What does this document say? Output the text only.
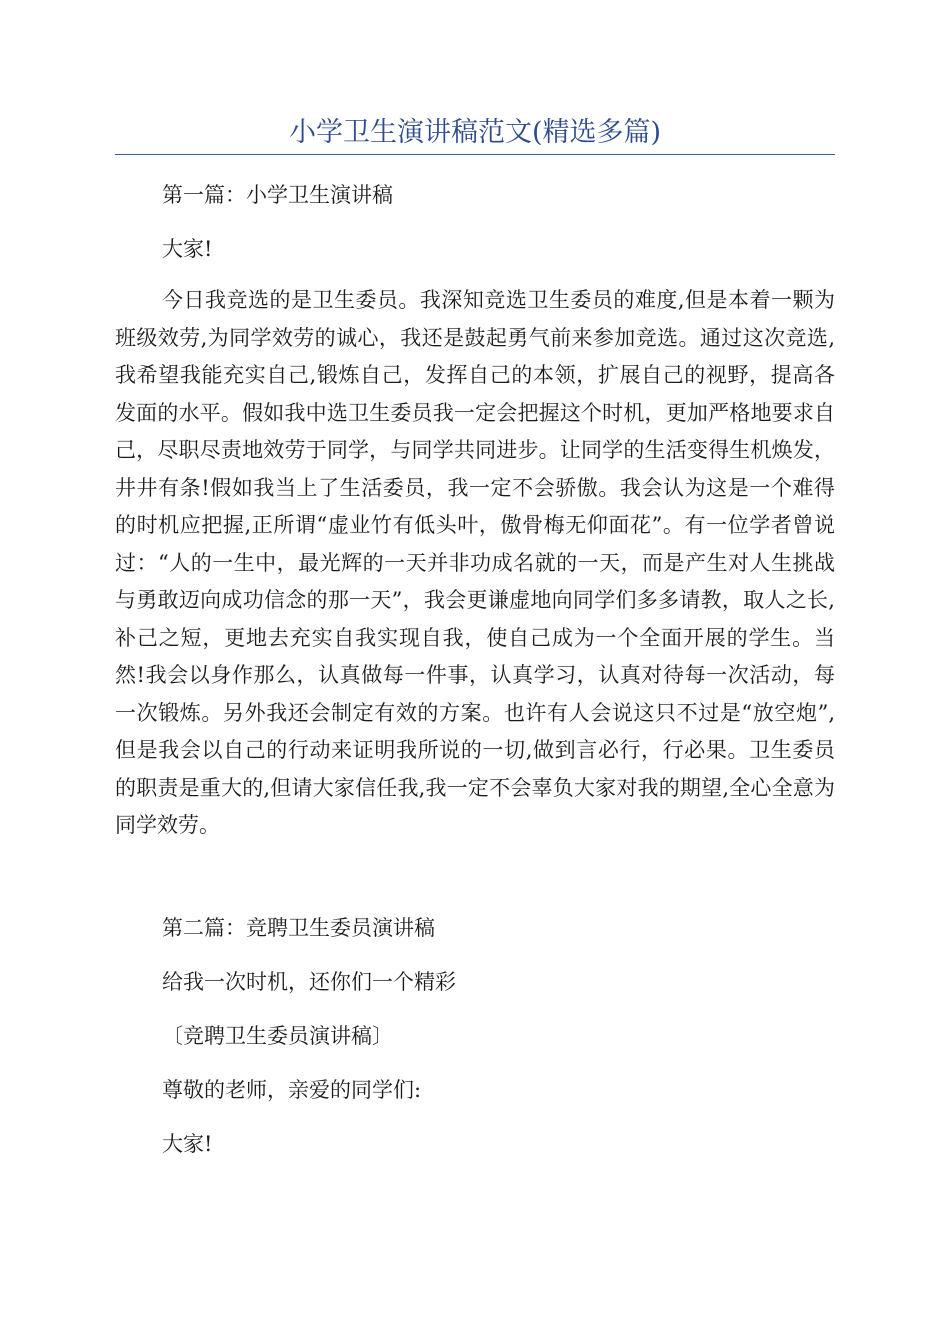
小学卫生演讲稿范文(精选多篇)
第一篇：小学卫生演讲稿
大家!

今日我竞选的是卫生委员。我深知竞选卫生委员的难度,但是本着一颗为班级效劳,为同学效劳的诚心，我还是鼓起勇气前来参加竞选。通过这次竞选,我希望我能充实自己,锻炼自己，发挥自己的本领，扩展自己的视野，提高各发面的水平。假如我中选卫生委员我一定会把握这个时机，更加严格地要求自己，尽职尽责地效劳于同学，与同学共同进步。让同学的生活变得生机焕发，井井有条!假如我当上了生活委员，我一定不会骄傲。我会认为这是一个难得的时机应把握,正所谓“虚业竹有低头叶，傲骨梅无仰面花”。有一位学者曾说过：“人的一生中，最光辉的一天并非功成名就的一天，而是产生对人生挑战与勇敢迈向成功信念的那一天”，我会更谦虚地向同学们多多请教，取人之长,补己之短，更地去充实自我实现自我，使自己成为一个全面开展的学生。当然!我会以身作那么，认真做每一件事，认真学习，认真对待每一次活动，每一次锻炼。另外我还会制定有效的方案。也许有人会说这只不过是“放空炮”,但是我会以自己的行动来证明我所说的一切,做到言必行，行必果。卫生委员的职责是重大的,但请大家信任我,我一定不会辜负大家对我的期望,全心全意为同学效劳。

第二篇：竞聘卫生委员演讲稿
给我一次时机，还你们一个精彩
〔竞聘卫生委员演讲稿〕
尊敬的老师，亲爱的同学们:
大家!
